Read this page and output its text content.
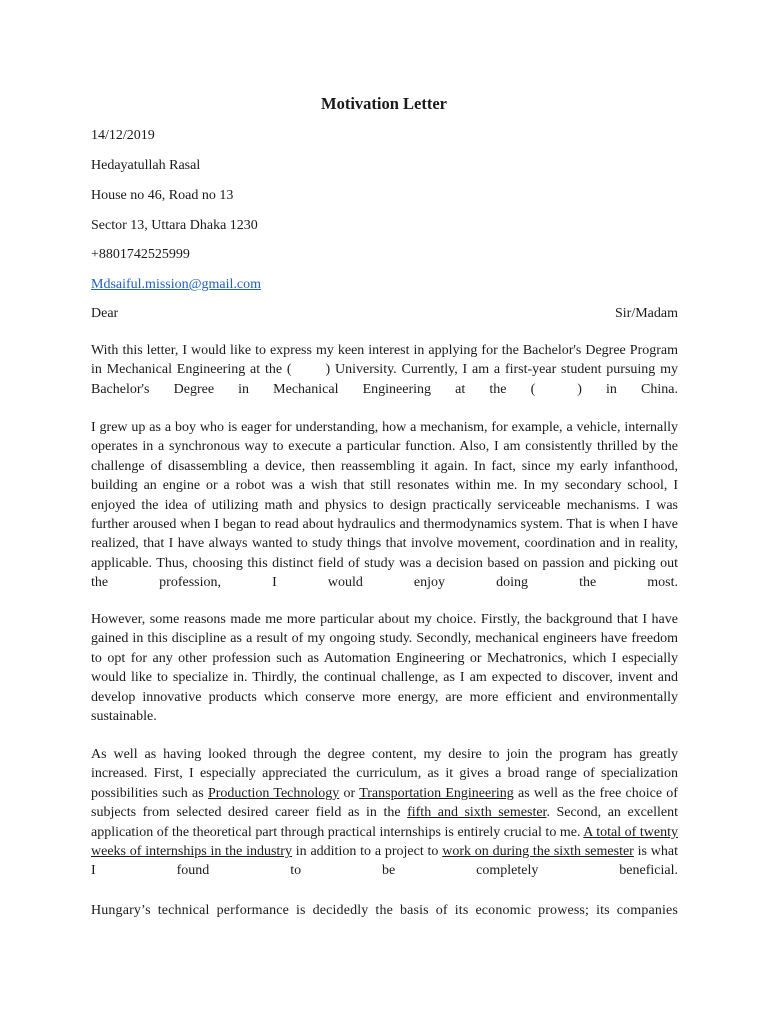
Motivation Letter
14/12/2019
Hedayatullah Rasal
House no 46, Road no 13
Sector 13, Uttara Dhaka 1230
+8801742525999
Mdsaiful.mission@gmail.com
Dear	Sir/Madam

With this letter, I would like to express my keen interest in applying for the Bachelor's Degree Program in Mechanical Engineering at the ( ) University. Currently, I am a first-year student pursuing my Bachelor's Degree in Mechanical Engineering at the (	) in China.

I grew up as a boy who is eager for understanding, how a mechanism, for example, a vehicle, internally operates in a synchronous way to execute a particular function. Also, I am consistently thrilled by the challenge of disassembling a device, then reassembling it again. In fact, since my early infanthood, building an engine or a robot was a wish that still resonates within me. In my secondary school, I enjoyed the idea of utilizing math and physics to design practically serviceable mechanisms. I was further aroused when I began to read about hydraulics and thermodynamics system. That is when I have realized, that I have always wanted to study things that involve movement, coordination and in reality, applicable. Thus, choosing this distinct field of study was a decision based on passion and picking out the profession, I would enjoy doing the most.

However, some reasons made me more particular about my choice. Firstly, the background that I have gained in this discipline as a result of my ongoing study. Secondly, mechanical engineers have freedom to opt for any other profession such as Automation Engineering or Mechatronics, which I especially would like to specialize in. Thirdly, the continual challenge, as I am expected to discover, invent and develop innovative products which conserve more energy, are more efficient and environmentally sustainable.

As well as having looked through the degree content, my desire to join the program has greatly increased. First, I especially appreciated the curriculum, as it gives a broad range of specialization possibilities such as Production Technology or Transportation Engineering as well as the free choice of subjects from selected desired career field as in the fifth and sixth semester. Second, an excellent application of the theoretical part through practical internships is entirely crucial to me. A total of twenty weeks of internships in the industry in addition to a project to work on during the sixth semester is what I found to be completely beneficial.

Hungary’s technical performance is decidedly the basis of its economic prowess; its companies
